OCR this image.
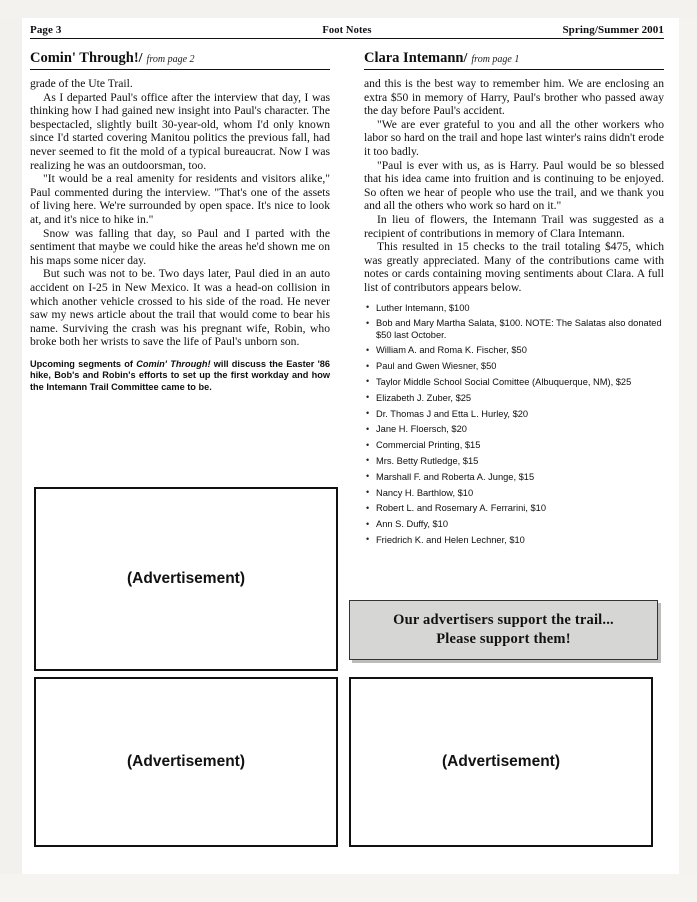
Page 3	Foot Notes	Spring/Summer 2001
Comin' Through!/ from page 2

grade of the Ute Trail.

As I departed Paul's office after the interview that day, I was thinking how I had gained new insight into Paul's character. The bespectacled, slightly built 30-year-old, whom I'd only known since I'd started covering Manitou politics the previous fall, had never seemed to fit the mold of a typical bureaucrat. Now I was realizing he was an outdoorsman, too.

"It would be a real amenity for residents and visitors alike," Paul commented during the interview. "That's one of the assets of living here. We're surrounded by open space. It's nice to look at, and it's nice to hike in."

Snow was falling that day, so Paul and I parted with the sentiment that maybe we could hike the areas he'd shown me on his maps some nicer day.

But such was not to be. Two days later, Paul died in an auto accident on I-25 in New Mexico. It was a head-on collision in which another vehicle crossed to his side of the road. He never saw my news article about the trail that would come to bear his name. Surviving the crash was his pregnant wife, Robin, who broke both her wrists to save the life of Paul's unborn son.

Upcoming segments of Comin' Through! will discuss the Easter '86 hike, Bob's and Robin's efforts to set up the first workday and how the Intemann Trail Committee came to be.
Clara Intemann/ from page 1

and this is the best way to remember him. We are enclosing an extra $50 in memory of Harry, Paul's brother who passed away the day before Paul's accident.

"We are ever grateful to you and all the other workers who labor so hard on the trail and hope last winter's rains didn't erode it too badly.

"Paul is ever with us, as is Harry. Paul would be so blessed that his idea came into fruition and is continuing to be enjoyed. So often we hear of people who use the trail, and we thank you and all the others who work so hard on it."

In lieu of flowers, the Intemann Trail was suggested as a recipient of contributions in memory of Clara Intemann.

This resulted in 15 checks to the trail totaling $475, which was greatly appreciated. Many of the contributions came with notes or cards containing moving sentiments about Clara. A full list of contributors appears below.

• Luther Intemann, $100
• Bob and Mary Martha Salata, $100. NOTE: The Salatas also donated $50 last October.
• William A. and Roma K. Fischer, $50
• Paul and Gwen Wiesner, $50
• Taylor Middle School Social Comittee (Albuquerque, NM), $25
• Elizabeth J. Zuber, $25
• Dr. Thomas J and Etta L. Hurley, $20
• Jane H. Floersch, $20
• Commercial Printing, $15
• Mrs. Betty Rutledge, $15
• Marshall F. and Roberta A. Junge, $15
• Nancy H. Barthlow, $10
• Robert L. and Rosemary A. Ferrarini, $10
• Ann S. Duffy, $10
• Friedrich K. and Helen Lechner, $10
Our advertisers support the trail...
Please support them!
(Advertisement)
(Advertisement)	(Advertisement)
